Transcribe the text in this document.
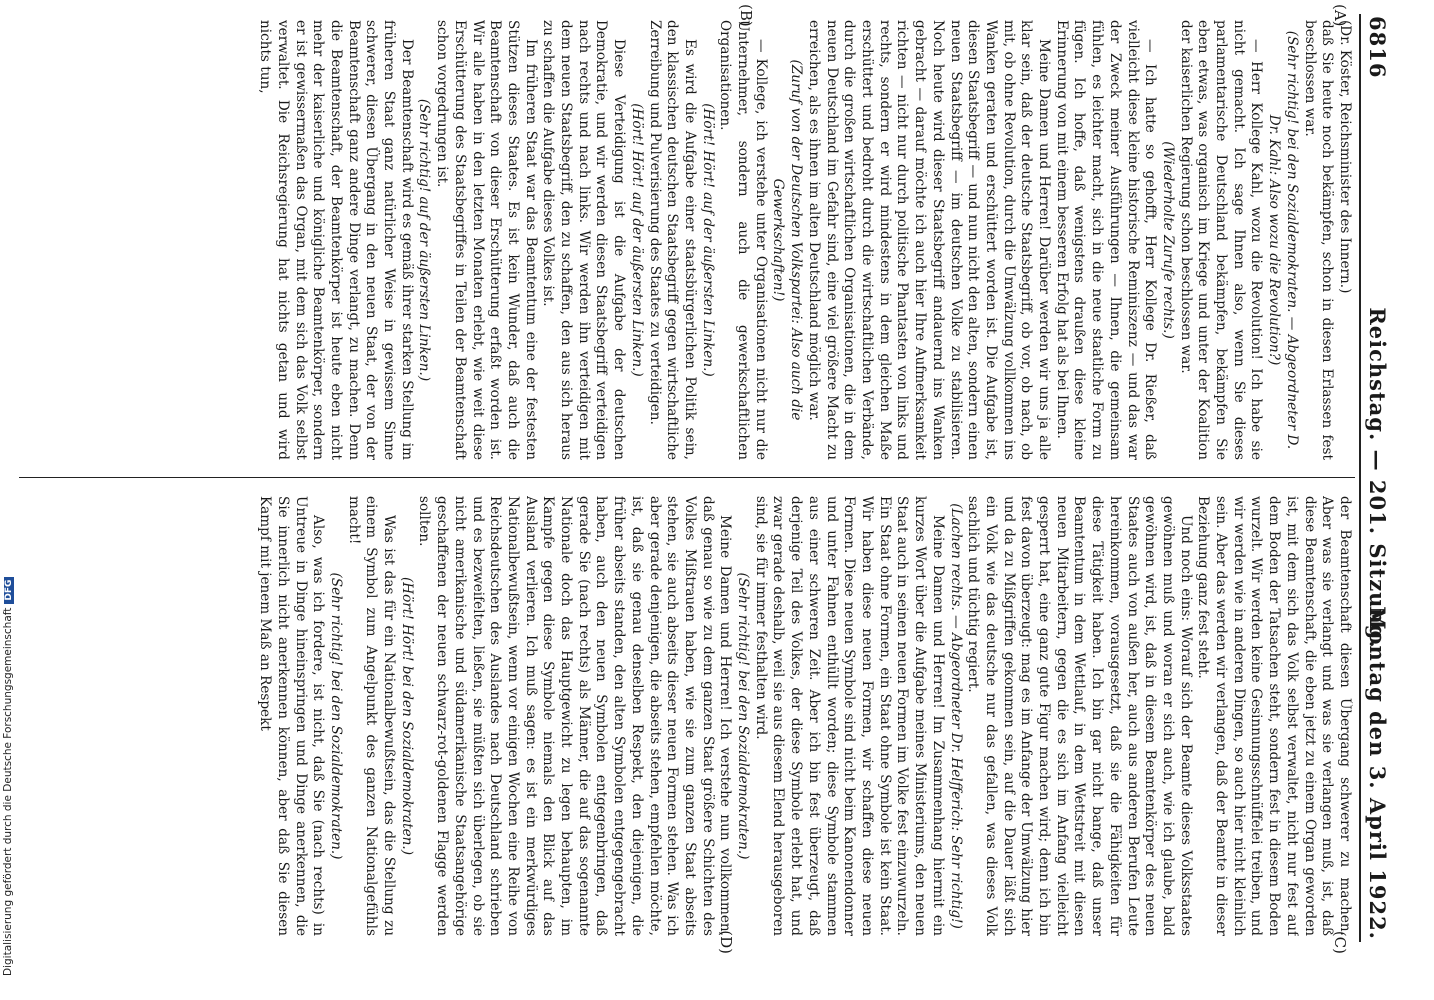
6816
Reichstag. — 201. Sitzung.
Montag den 3. April 1922.

(Dr. Köster, Reichsminister des Innern.)

daß Sie heute noch bekämpfen, schon in diesen Erlassen fest beschlossen war.

(Sehr richtig! bei den Sozialdemokraten. — Abgeordneter D. Dr. Kahl: Also wozu die Revolution?)

— Herr Kollege Kahl, wozu die Revolution! Ich habe sie nicht gemacht. Ich sage Ihnen also, wenn Sie dieses parlamentarische Deutschland bekämpfen, bekämpfen Sie eben etwas, was organisch im Kriege und unter der Koalition der kaiserlichen Regierung schon beschlossen war.

(Wiederholte Zurufe rechts.)

— Ich hatte so gehofft, Herr Kollege Dr. Rießer, daß vielleicht diese kleine historische Reminiszenz — und das war der Zweck meiner Ausführungen — Ihnen, die gemeinsam fühlen, es leichter macht, sich in die neue staatliche Form zu fügen. Ich hoffe, daß wenigstens draußen diese kleine Erinnerung von mit einem besseren Erfolg hat als bei Ihnen.

Meine Damen und Herren! Darüber werden wir uns ja alle klar sein, daß der deutsche Staatsbegriff, ob vor, ob nach, ob mit, ob ohne Revolution, durch die Umwälzung vollkommen ins Wanken geraten und erschüttert worden ist. Die Aufgabe ist, diesen Staatsbegriff — und nun nicht den alten, sondern einen neuen Staatsbegriff — im deutschen Volke zu stabilisieren. Noch heute wird dieser Staatsbegriff andauernd ins Wanken gebracht — darauf möchte ich auch hier Ihre Aufmerksamkeit richten — nicht nur durch politische Phantasten von links und rechts, sondern er wird mindestens in dem gleichen Maße erschüttert und bedroht durch die wirtschaftlichen Verbände, durch die großen wirtschaftlichen Organisationen, die in dem neuen Deutschland im Gefahr sind, eine viel größere Macht zu erreichen, als es ihnen im alten Deutschland möglich war.

(Zuruf von der Deutschen Volkspartei: Also auch die Gewerkschaften!)

— Kollege, ich verstehe unter Organisationen nicht nur die Unternehmer, sondern auch die gewerkschaftlichen Organisationen.

(Hört! Hört! auf der äußersten Linken.)

Es wird die Aufgabe einer staatsbürgerlichen Politik sein, den klassischen deutschen Staatsbegriff gegen wirtschaftliche Zerreibung und Pulverisierung des Staates zu verteidigen.

(Hört! Hört! auf der äußersten Linken.)

Diese Verteidigung ist die Aufgabe der deutschen Demokratie, und wir werden diesen Staatsbegriff verteidigen nach rechts und nach links. Wir werden ihn verteidigen mit dem neuen Staatsbegriff, den zu schaffen, den aus sich heraus zu schaffen die Aufgabe dieses Volkes ist.

Im früheren Staat war das Beamtentum eine der festesten Stützen dieses Staates. Es ist kein Wunder, daß auch die Beamtenschaft von dieser Erschütterung erfaßt worden ist. Wir alle haben in den letzten Monaten erlebt, wie weit diese Erschütterung des Staatsbegriffes in Teilen der Beamtenschaft schon vorgedrungen ist.

(Sehr richtig! auf der äußersten Linken.)

Der Beamtenschaft wird es gemäß ihrer starken Stellung im früheren Staat ganz natürlicher Weise in gewissem Sinne schwerer, diesen Übergang in den neuen Staat, der von der Beamtenschaft ganz andere Dinge verlangt, zu machen. Denn die Beamtenschaft, der Beamtenkörper ist heute eben nicht mehr der kaiserliche und königliche Beamtenkörper, sondern er ist gewissermaßen das Organ, mit dem sich das Volk selbst verwaltet. Die Reichsregierung hat nichts getan und wird nichts tun,

der Beamtenschaft diesen Übergang schwerer zu machen. Aber was sie verlangt und was sie verlangen muß, ist, daß diese Beamtenschaft, die eben jetzt zu einem Organ geworden ist, mit dem sich das Volk selbst verwaltet, nicht nur fest auf dem Boden der Tatsachen steht, sondern fest in diesem Boden wurzelt. Wir werden keine Gesinnungsschnüffelei treiben, und wir werden wie in anderen Dingen, so auch hier nicht kleinlich sein. Aber das werden wir verlangen, daß der Beamte in dieser Beziehung ganz fest steht.

Und noch eins: Worauf sich der Beamte dieses Volksstaates gewöhnen muß und woran er sich auch, wie ich glaube, bald gewöhnen wird, ist, daß in diesem Beamtenkörper des neuen Staates auch von außen her, auch aus anderen Berufen Leute hereinkommen, vorausgesetzt, daß sie die Fähigkeiten für diese Tätigkeit haben. Ich bin gar nicht bange, daß unser Beamtentum in dem Wettlauf, in dem Wettstreit mit diesen neuen Mitarbeitern, gegen die es sich im Anfang vielleicht gesperrt hat, eine ganz gute Figur machen wird; denn ich bin fest davon überzeugt: mag es im Anfange der Umwälzung hier und da zu Mißgriffen gekommen sein, auf die Dauer läßt sich ein Volk wie das deutsche nur das gefallen, was dieses Volk sachlich und tüchtig regiert.

(Lachen rechts. — Abgeordneter Dr. Helfferich: Sehr richtig!)

Meine Damen und Herren! Im Zusammenhang hiermit ein kurzes Wort über die Aufgabe meines Ministeriums, den neuen Staat auch in seinen neuen Formen im Volke fest einzuwurzeln. Ein Staat ohne Formen, ein Staat ohne Symbole ist kein Staat. Wir haben diese neuen Formen, wir schaffen diese neuen Formen. Diese neuen Symbole sind nicht beim Kanonendonner und unter Fahnen enthüllt worden; diese Symbole stammen aus einer schweren Zeit. Aber ich bin fest überzeugt, daß derjenige Teil des Volkes, der diese Symbole erlebt hat, und zwar gerade deshalb, weil sie aus diesem Elend herausgeboren sind, sie für immer festhalten wird.

(Sehr richtig! bei den Sozialdemokraten.)

Meine Damen und Herren! Ich verstehe nun vollkommen, daß genau so wie zu dem ganzen Staat größere Schichten des Volkes Mißtrauen haben, wie sie zum ganzen Staat abseits stehen, sie auch abseits dieser neuen Formen stehen. Was ich aber gerade denjenigen, die abseits stehen, empfehlen möchte, ist, daß sie genau denselben Respekt, den diejenigen, die früher abseits standen, den alten Symbolen entgegengebracht haben, auch den neuen Symbolen entgegenbringen, daß gerade Sie (nach rechts) als Männer, die auf das sogenannte Nationale doch das Hauptgewicht zu legen behaupten, im Kampfe gegen diese Symbole niemals den Blick auf das Ausland verlieren. Ich muß sagen: es ist ein merkwürdiges Nationalbewußtsein, wenn vor einigen Wochen eine Reihe von Reichsdeutschen des Auslandes nach Deutschland schrieben und es bezweifelten, ließen, sie müßten sich überlegen, ob sie nicht amerikanische und südamerikanische Staatsangehörige geschaffenen der neuen schwarz-rot-goldenen Flagge werden sollten.

(Hört! Hört! bei den Sozialdemokraten.)

Was ist das für ein Nationalbewußtsein, das die Stellung zu einem Symbol zum Angelpunkt des ganzen Nationalgefühls macht!

(Sehr richtig! bei den Sozialdemokraten.)

Also, was ich fordere, ist nicht, daß Sie (nach rechts) in Untreue in Dinge hineinspringen und Dinge anerkennen, die Sie innerlich nicht anerkennen können, aber daß Sie diesen Kampf mit jenem Maß an Respekt

(A)
(B)
(C)
(D)
Digitalisierung gefördert durch die Deutsche ForschungsgemeinschaftDFG
